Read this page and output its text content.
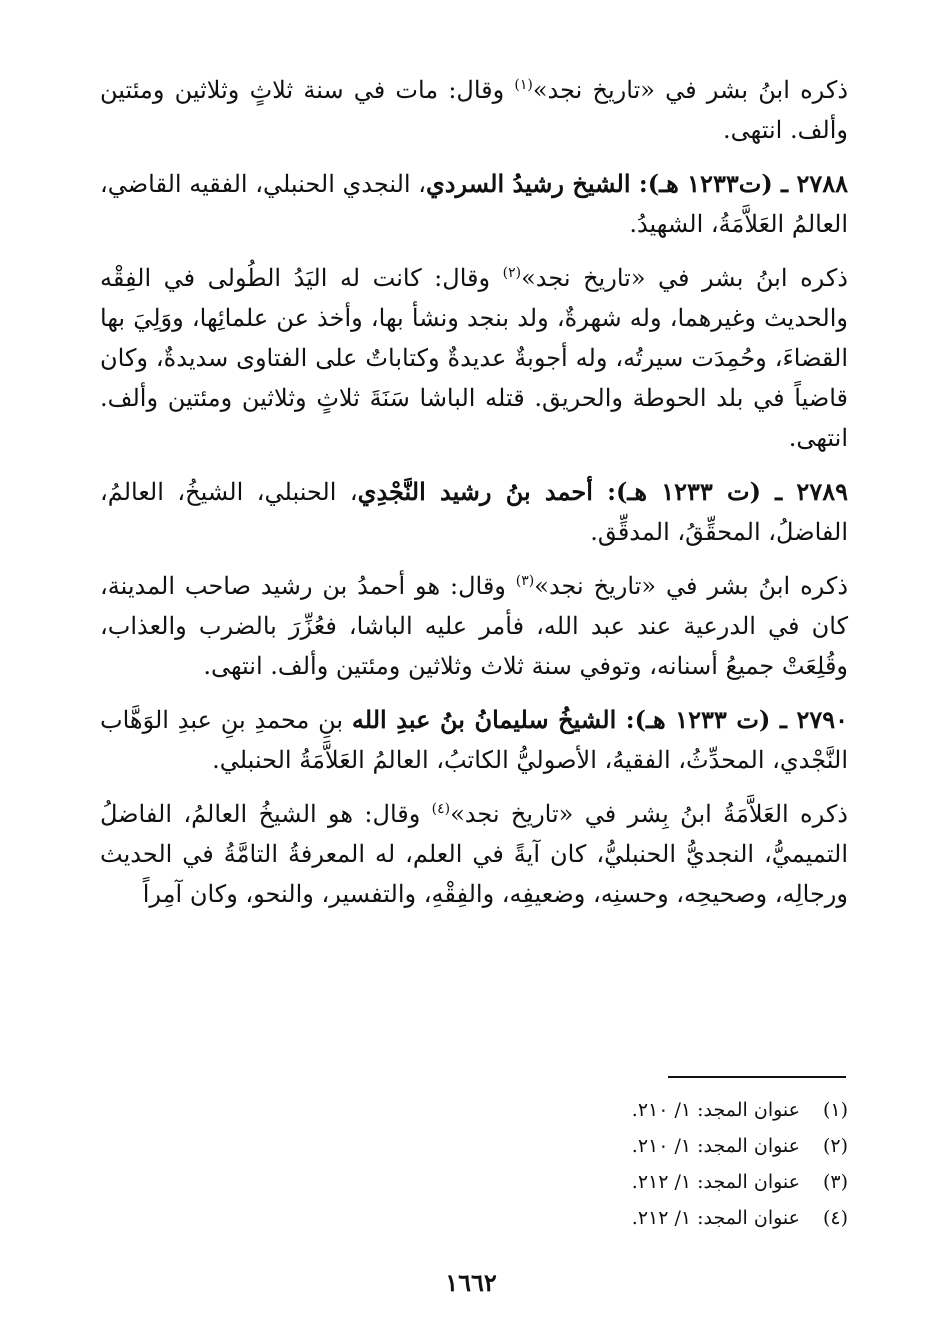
ذكره ابنُ بشر في «تاريخ نجد»$^{(١)}$ وقال: مات في سنة ثلاثٍ وثلاثين ومئتين وألف. انتهى.

٢٧٨٨ ـ (ت١٢٣٣ هـ): الشيخ رشيدُ السردي، النجدي الحنبلي، الفقيه القاضي، العالمُ العَلاَّمَةُ، الشهيدُ.

ذكره ابنُ بشر في «تاريخ نجد»$^{(٢)}$ وقال: كانت له اليَدُ الطُولى في الفِقْه والحديث وغيرهما، وله شهرةٌ، ولد بنجد ونشأ بها، وأخذ عن علمائِها، ووَلِيَ بها القضاءَ، وحُمِدَت سيرتُه، وله أجوبةٌ عديدةٌ وكتاباتٌ على الفتاوى سديدةٌ، وكان قاضياً في بلد الحوطة والحريق. قتله الباشا سَنَةَ ثلاثٍ وثلاثين ومئتين وألف. انتهى.

٢٧٨٩ ـ (ت ١٢٣٣ هـ): أحمد بنُ رشيد النَّجْدِي، الحنبلي، الشيخُ، العالمُ، الفاضلُ، المحقِّقُ، المدقِّق.

ذكره ابنُ بشر في «تاريخ نجد»$^{(٣)}$ وقال: هو أحمدُ بن رشيد صاحب المدينة، كان في الدرعية عند عبد الله، فأمر عليه الباشا، فعُزِّرَ بالضرب والعذاب، وقُلِعَتْ جميعُ أسنانه، وتوفي سنة ثلاث وثلاثين ومئتين وألف. انتهى.

٢٧٩٠ ـ (ت ١٢٣٣ هـ): الشيخُ سليمانُ بنُ عبدِ الله بنِ محمدِ بنِ عبدِ الوَهَّاب النَّجْدي، المحدِّثُ، الفقيهُ، الأصوليُّ الكاتبُ، العالمُ العَلاَّمَةُ الحنبلي.

ذكره العَلاَّمَةُ ابنُ بِشر في «تاريخ نجد»$^{(٤)}$ وقال: هو الشيخُ العالمُ، الفاضلُ التميميُّ، النجديُّ الحنبليُّ، كان آيةً في العلم، له المعرفةُ التامَّةُ في الحديث ورجالِه، وصحيحِه، وحسنِه، وضعيفِه، والفِقْهِ، والتفسير، والنحو، وكان آمِراً

(١)عنوان المجد: ١/ ٢١٠.
(٢)عنوان المجد: ١/ ٢١٠.
(٣)عنوان المجد: ١/ ٢١٢.
(٤)عنوان المجد: ١/ ٢١٢.
١٦٦٢
